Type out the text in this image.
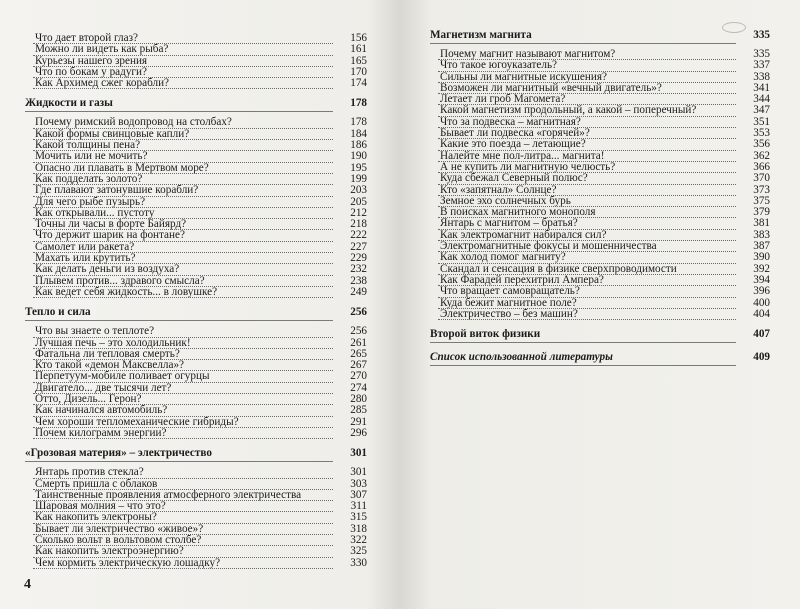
Что дает второй глаз?	156
Можно ли видеть как рыба?	161
Курьезы нашего зрения	165
Что по бокам у радуги?	170
Как Архимед сжег корабли?	174
Жидкости и газы	178
Почему римский водопровод на столбах?	178
Какой формы свинцовые капли?	184
Какой толщины пена?	186
Мочить или не мочить?	190
Опасно ли плавать в Мертвом море?	195
Как подделать золото?	199
Где плавают затонувшие корабли?	203
Для чего рыбе пузырь?	205
Как открывали... пустоту	212
Точны ли часы в форте Байярд?	218
Что держит шарик на фонтане?	222
Самолет или ракета?	227
Махать или крутить?	229
Как делать деньги из воздуха?	232
Плывем против... здравого смысла?	238
Как ведет себя жидкость... в ловушке?	249
Тепло и сила	256
Что вы знаете о теплоте?	256
Лучшая печь – это холодильник!	261
Фатальна ли тепловая смерть?	265
Кто такой «демон Максвелла»?	267
Перпетуум-мобиле поливает огурцы	270
Двигатело... две тысячи лет?	274
Отто, Дизель... Герон?	280
Как начинался автомобиль?	285
Чем хороши тепломеханические гибриды?	291
Почем килограмм энергии?	296
«Грозовая материя» – электричество	301
Янтарь против стекла?	301
Смерть пришла с облаков	303
Таинственные проявления атмосферного электричества	307
Шаровая молния – что это?	311
Как накопить электроны?	315
Бывает ли электричество «живое»?	318
Сколько вольт в вольтовом столбе?	322
Как накопить электроэнергию?	325
Чем кормить электрическую лошадку?	330
4
Магнетизм магнита	335
Почему магнит называют магнитом?	335
Что такое югоуказатель?	337
Сильны ли магнитные искушения?	338
Возможен ли магнитный «вечный двигатель»?	341
Летает ли гроб Магомета?	344
Какой магнетизм продольный, а какой – поперечный?	347
Что за подвеска – магнитная?	351
Бывает ли подвеска «горячей»?	353
Какие это поезда – летающие?	356
Налейте мне пол-литра... магнита!	362
А не купить ли магнитную челюсть?	366
Куда сбежал Северный полюс?	370
Кто «запятнал» Солнце?	373
Земное эхо солнечных бурь	375
В поисках магнитного монополя	379
Янтарь с магнитом – братья?	381
Как электромагнит набирался сил?	383
Электромагнитные фокусы и мошенничества	387
Как холод помог магниту?	390
Скандал и сенсация в физике сверхпроводимости	392
Как Фарадей перехитрил Ампера?	394
Что вращает самовращатель?	396
Куда бежит магнитное поле?	400
Электричество – без машин?	404
Второй виток физики	407
Список использованной литературы	409
